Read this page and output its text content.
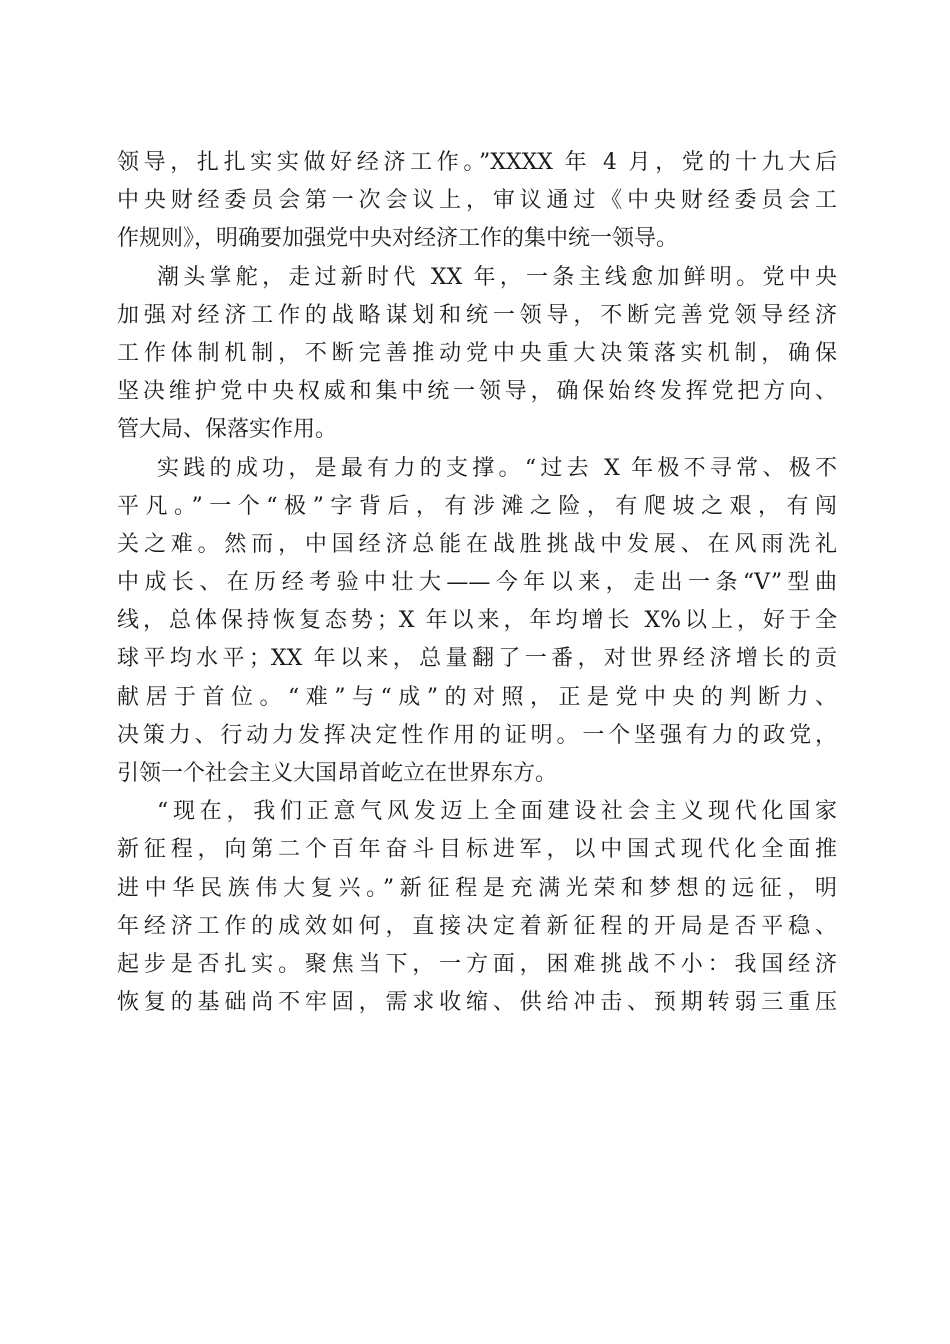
领导，扎扎实实做好经济工作。”XXXX 年 4 月，党的十九大后
中央财经委员会第一次会议上，审议通过《中央财经委员会工
作规则》，明确要加强党中央对经济工作的集中统一领导。
潮头掌舵，走过新时代 XX 年，一条主线愈加鲜明。党中央
加强对经济工作的战略谋划和统一领导，不断完善党领导经济
工作体制机制，不断完善推动党中央重大决策落实机制，确保
坚决维护党中央权威和集中统一领导，确保始终发挥党把方向、
管大局、保落实作用。
实践的成功，是最有力的支撑。“过去 X 年极不寻常、极不
平凡。”一个“极”字背后，有涉滩之险，有爬坡之艰，有闯
关之难。然而，中国经济总能在战胜挑战中发展、在风雨洗礼
中成长、在历经考验中壮大——今年以来，走出一条“V”型曲
线，总体保持恢复态势；X 年以来，年均增长 X%以上，好于全
球平均水平；XX 年以来，总量翻了一番，对世界经济增长的贡
献居于首位。“难”与“成”的对照，正是党中央的判断力、
决策力、行动力发挥决定性作用的证明。一个坚强有力的政党，
引领一个社会主义大国昂首屹立在世界东方。
“现在，我们正意气风发迈上全面建设社会主义现代化国家
新征程，向第二个百年奋斗目标进军，以中国式现代化全面推
进中华民族伟大复兴。”新征程是充满光荣和梦想的远征，明
年经济工作的成效如何，直接决定着新征程的开局是否平稳、
起步是否扎实。聚焦当下，一方面，困难挑战不小：我国经济
恢复的基础尚不牢固，需求收缩、供给冲击、预期转弱三重压
